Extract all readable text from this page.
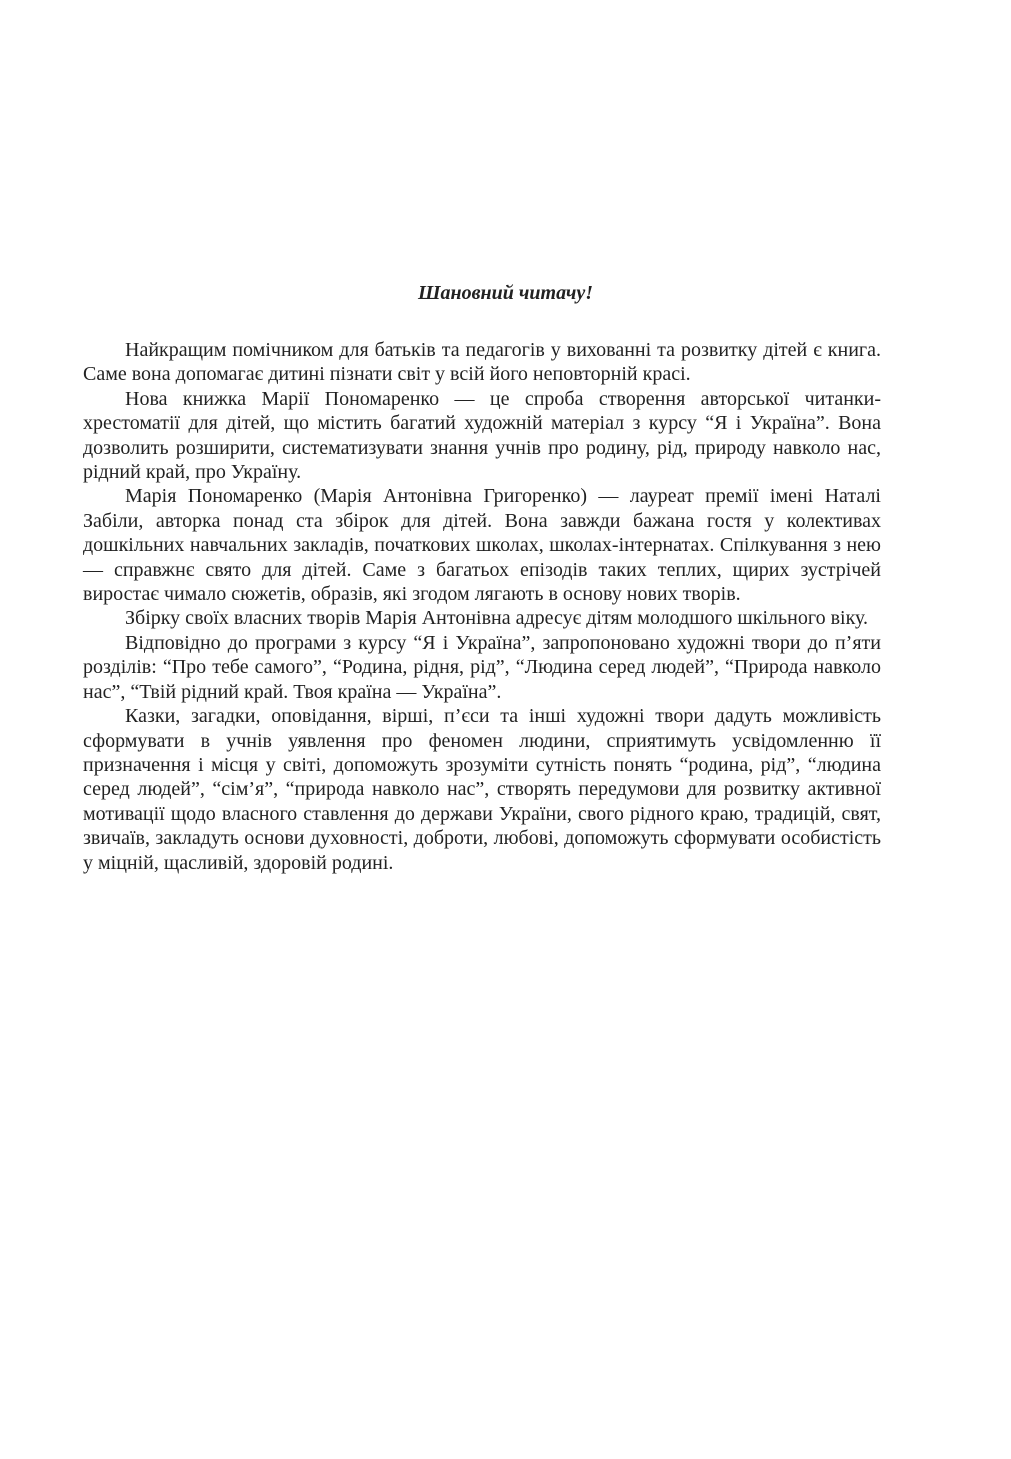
Шановний читачу!

Найкращим помічником для батьків та педагогів у вихованні та розвитку дітей є книга. Саме вона допомагає дитині пізнати світ у всій його неповторній красі.

Нова книжка Марії Пономаренко — це спроба створення авторської читанки-хрестоматії для дітей, що містить багатий художній матеріал з курсу “Я і Україна”. Вона дозволить розширити, систематизувати знання учнів про родину, рід, природу навколо нас, рідний край, про Україну.

Марія Пономаренко (Марія Антонівна Григоренко) — лауреат премії імені Наталі Забіли, авторка понад ста збірок для дітей. Вона завжди бажана гостя у колективах дошкільних навчальних закладів, початкових школах, школах-інтернатах. Спілкування з нею — справжнє свято для дітей. Саме з багатьох епізодів таких теплих, щирих зустрічей виростає чимало сюжетів, образів, які згодом лягають в основу нових творів.

Збірку своїх власних творів Марія Антонівна адресує дітям молодшого шкільного віку.

Відповідно до програми з курсу “Я і Україна”, запропоновано художні твори до п’яти розділів: “Про тебе самого”, “Родина, рідня, рід”, “Людина серед людей”, “Природа навколо нас”, “Твій рідний край. Твоя країна — Україна”.

Казки, загадки, оповідання, вірші, п’єси та інші художні твори дадуть можливість сформувати в учнів уявлення про феномен людини, сприятимуть усвідомленню її призначення і місця у світі, допоможуть зрозуміти сутність понять “родина, рід”, “людина серед людей”, “сім’я”, “природа навколо нас”, створять передумови для розвитку активної мотивації щодо власного ставлення до держави України, свого рідного краю, традицій, свят, звичаїв, закладуть основи духовності, доброти, любові, допоможуть сформувати особистість у міцній, щасливій, здоровій родині.
